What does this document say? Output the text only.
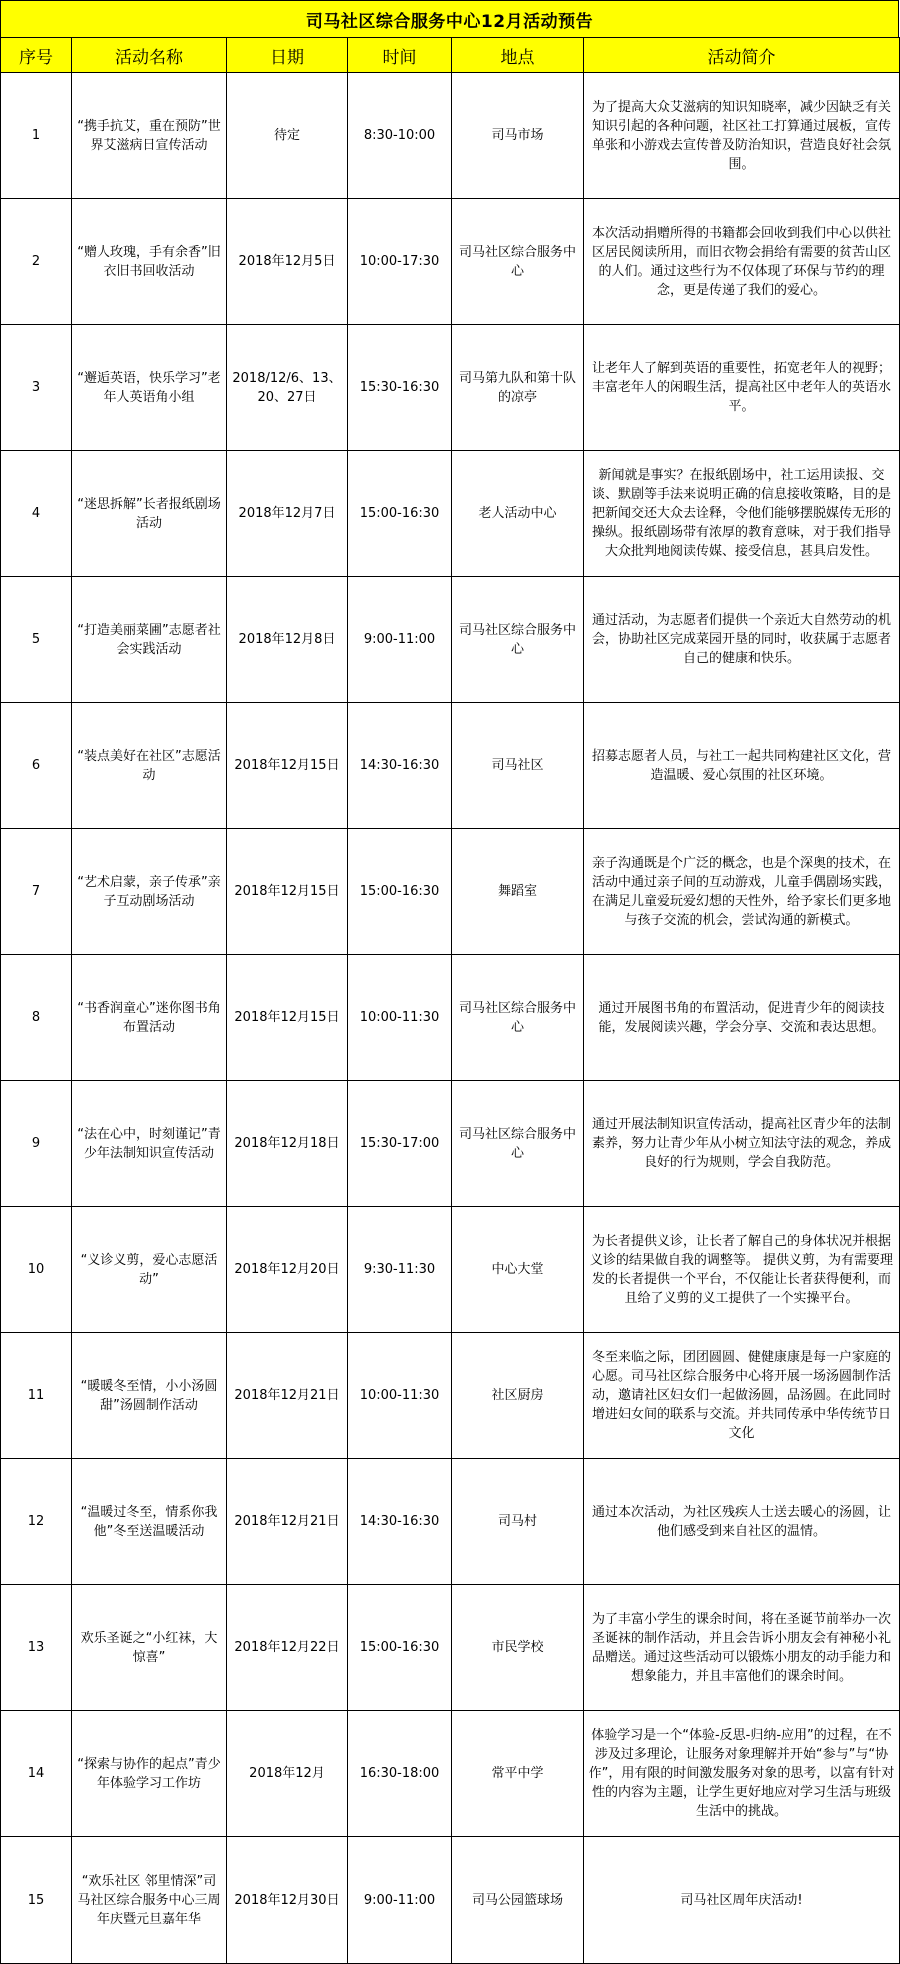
司马社区综合服务中心12月活动预告
序号	活动名称	日期	时间	地点	活动简介
1	“携手抗艾，重在预防”世界艾滋病日宣传活动	待定	8:30-10:00	司马市场	为了提高大众艾滋病的知识知晓率，减少因缺乏有关知识引起的各种问题，社区社工打算通过展板，宣传单张和小游戏去宣传普及防治知识，营造良好社会氛围。
2	“赠人玫瑰，手有余香”旧衣旧书回收活动	2018年12月5日	10:00-17:30	司马社区综合服务中心	本次活动捐赠所得的书籍都会回收到我们中心以供社区居民阅读所用，而旧衣物会捐给有需要的贫苦山区的人们。通过这些行为不仅体现了环保与节约的理念，更是传递了我们的爱心。
3	“邂逅英语，快乐学习”老年人英语角小组	2018/12/6、13、20、27日	15:30-16:30	司马第九队和第十队的凉亭	让老年人了解到英语的重要性，拓宽老年人的视野；丰富老年人的闲暇生活，提高社区中老年人的英语水平。
4	“迷思拆解”长者报纸剧场活动	2018年12月7日	15:00-16:30	老人活动中心	新闻就是事实？在报纸剧场中，社工运用读报、交谈、默剧等手法来说明正确的信息接收策略，目的是把新闻交还大众去诠释，令他们能够摆脱媒传无形的操纵。报纸剧场带有浓厚的教育意味，对于我们指导大众批判地阅读传媒、接受信息，甚具启发性。
5	“打造美丽菜圃”志愿者社会实践活动	2018年12月8日	9:00-11:00	司马社区综合服务中心	通过活动，为志愿者们提供一个亲近大自然劳动的机会，协助社区完成菜园开垦的同时，收获属于志愿者自己的健康和快乐。
6	“装点美好在社区”志愿活动	2018年12月15日	14:30-16:30	司马社区	招募志愿者人员，与社工一起共同构建社区文化，营造温暖、爱心氛围的社区环境。
7	“艺术启蒙，亲子传承”亲子互动剧场活动	2018年12月15日	15:00-16:30	舞蹈室	亲子沟通既是个广泛的概念，也是个深奥的技术，在活动中通过亲子间的互动游戏，儿童手偶剧场实践，在满足儿童爱玩爱幻想的天性外，给予家长们更多地与孩子交流的机会，尝试沟通的新模式。
8	“书香润童心”迷你图书角布置活动	2018年12月15日	10:00-11:30	司马社区综合服务中心	通过开展图书角的布置活动，促进青少年的阅读技能，发展阅读兴趣，学会分享、交流和表达思想。
9	“法在心中，时刻谨记”青少年法制知识宣传活动	2018年12月18日	15:30-17:00	司马社区综合服务中心	通过开展法制知识宣传活动，提高社区青少年的法制素养，努力让青少年从小树立知法守法的观念，养成良好的行为规则，学会自我防范。
10	“义诊义剪，爱心志愿活动”	2018年12月20日	9:30-11:30	中心大堂	为长者提供义诊，让长者了解自己的身体状况并根据义诊的结果做自我的调整等。 提供义剪，为有需要理发的长者提供一个平台，不仅能让长者获得便利，而且给了义剪的义工提供了一个实操平台。
11	“暖暖冬至情，小小汤圆甜”汤圆制作活动	2018年12月21日	10:00-11:30	社区厨房	冬至来临之际，团团圆圆、健健康康是每一户家庭的心愿。司马社区综合服务中心将开展一场汤圆制作活动，邀请社区妇女们一起做汤圆，品汤圆。在此同时增进妇女间的联系与交流。并共同传承中华传统节日文化
12	“温暖过冬至，情系你我他”冬至送温暖活动	2018年12月21日	14:30-16:30	司马村	通过本次活动，为社区残疾人士送去暖心的汤圆，让他们感受到来自社区的温情。
13	欢乐圣诞之“小红袜，大惊喜”	2018年12月22日	15:00-16:30	市民学校	为了丰富小学生的课余时间，将在圣诞节前举办一次圣诞袜的制作活动，并且会告诉小朋友会有神秘小礼品赠送。通过这些活动可以锻炼小朋友的动手能力和想象能力，并且丰富他们的课余时间。
14	“探索与协作的起点”青少年体验学习工作坊	2018年12月	16:30-18:00	常平中学	体验学习是一个“体验-反思-归纳-应用”的过程，在不涉及过多理论，让服务对象理解并开始“参与”与“协作”，用有限的时间激发服务对象的思考，以富有针对性的内容为主题，让学生更好地应对学习生活与班级生活中的挑战。
15	“欢乐社区 邻里情深”司马社区综合服务中心三周年庆暨元旦嘉年华	2018年12月30日	9:00-11:00	司马公园篮球场	司马社区周年庆活动!
